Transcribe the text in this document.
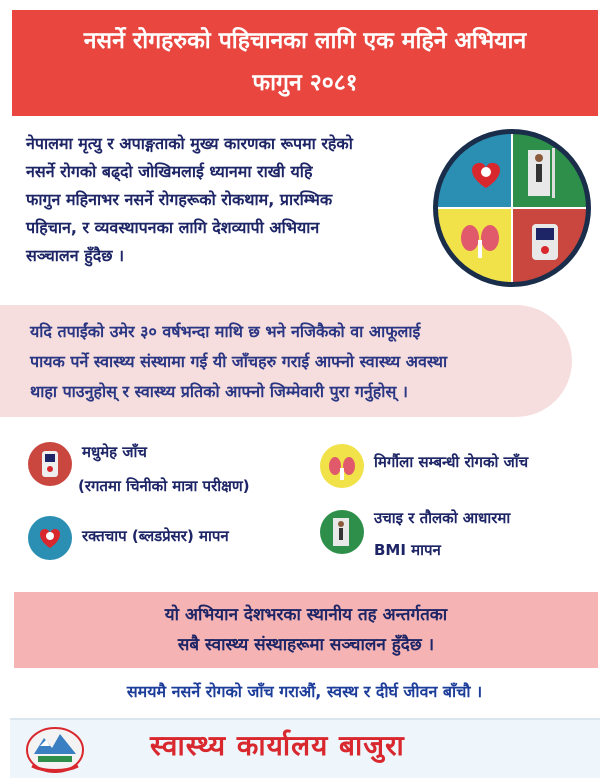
नसर्ने रोगहरुको पहिचानका लागि एक महिने अभियान
फागुन २०८१
नेपालमा मृत्यु र अपाङ्गताको मुख्य कारणका रूपमा रहेको
नसर्ने रोगको बढ्दो जोखिमलाई ध्यानमा राखी यहि
फागुन महिनाभर नसर्ने रोगहरूको रोकथाम, प्रारम्भिक
पहिचान, र व्यवस्थापनका लागि देशव्यापी अभियान
सञ्चालन हुँदैछ ।
यदि तपाईंको उमेर ३० वर्षभन्दा माथि छ भने नजिकैको वा आफूलाई
पायक पर्ने स्वास्थ्य संस्थामा गई यी जाँचहरु गराई आफ्नो स्वास्थ्य अवस्था
थाहा पाउनुहोस् र स्वास्थ्य प्रतिको आफ्नो जिम्मेवारी पुरा गर्नुहोस् ।
मधुमेह जाँच
(रगतमा चिनीको मात्रा परीक्षण)
मिर्गौला सम्बन्धी रोगको जाँच
रक्तचाप (ब्लडप्रेसर) मापन
उचाइ र तौलको आधारमा
BMI मापन
यो अभियान देशभरका स्थानीय तह अन्तर्गतका
सबै स्वास्थ्य संस्थाहरूमा सञ्चालन हुँदैछ ।
समयमै नसर्ने रोगको जाँच गराऔं, स्वस्थ र दीर्घ जीवन बाँचौ ।
स्वास्थ्य कार्यालय बाजुरा
